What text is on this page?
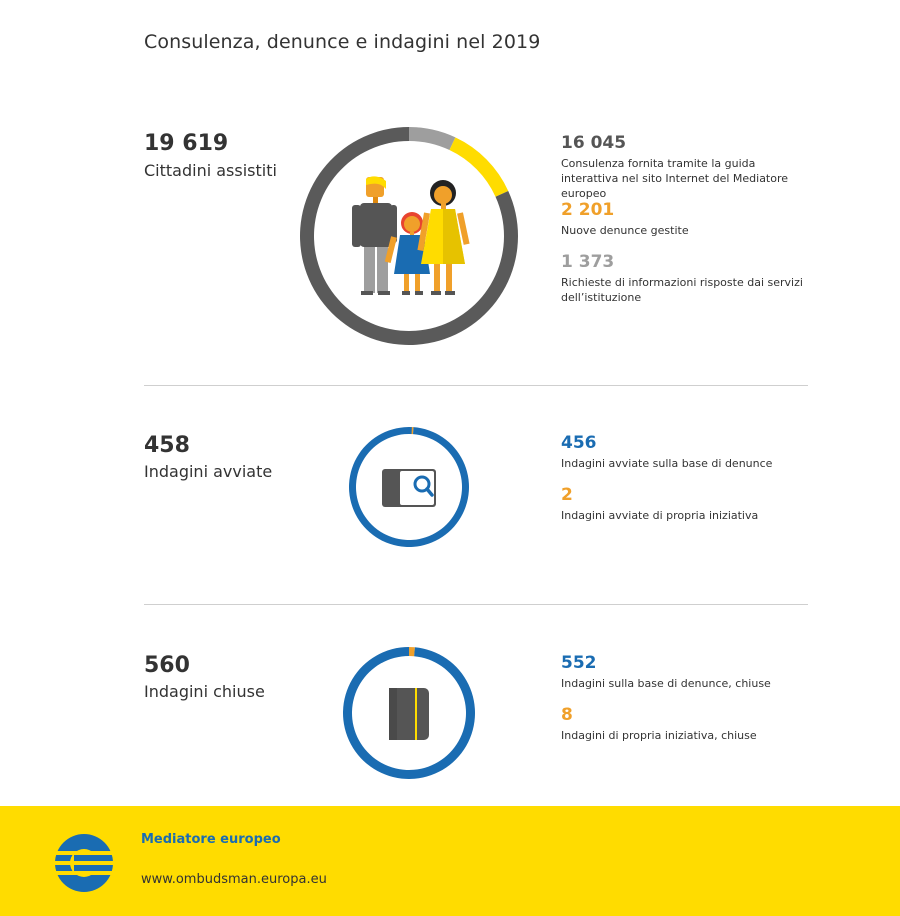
Consulenza, denunce e indagini nel 2019
19 619
Cittadini assistiti
16 045
Consulenza fornita tramite la guida interattiva nel sito Internet del Mediatore europeo
2 201
Nuove denunce gestite
1 373
Richieste di informazioni risposte dai servizi dell’istituzione
458
Indagini avviate
456
Indagini avviate sulla base di denunce
2
Indagini avviate di propria iniziativa
560
Indagini chiuse
552
Indagini sulla base di denunce, chiuse
8
Indagini di propria iniziativa, chiuse
Mediatore europeo
www.ombudsman.europa.eu
